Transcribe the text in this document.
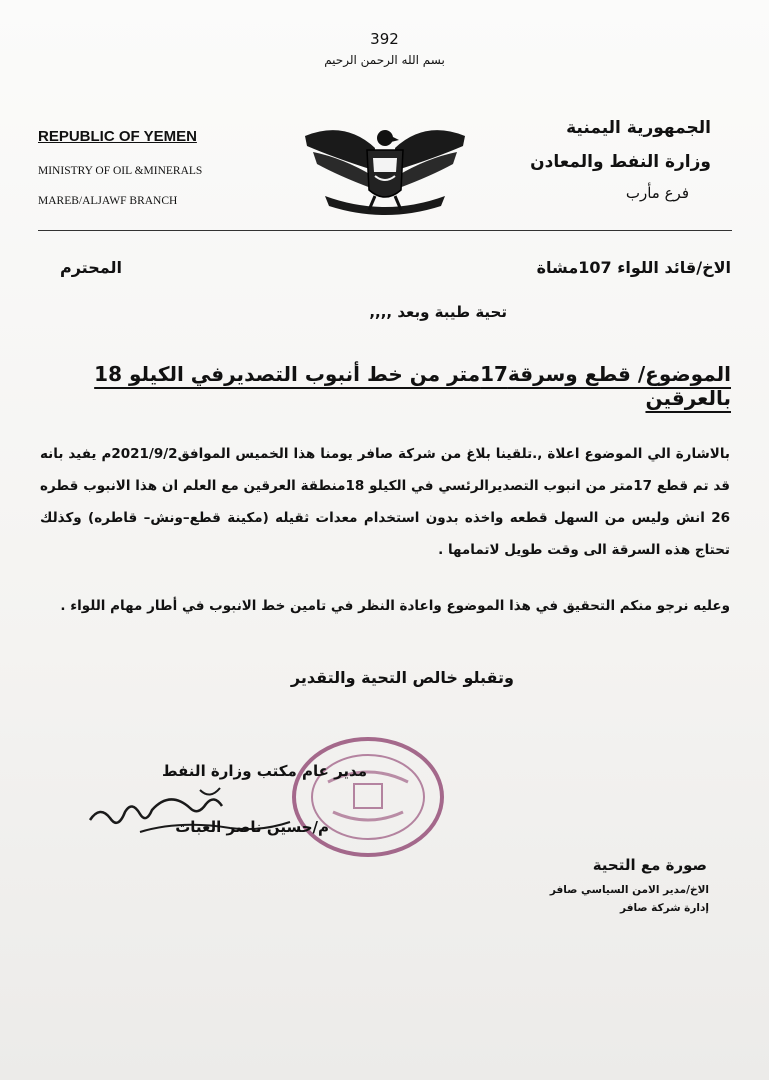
392
بسم الله الرحمن الرحيم
REPUBLIC OF YEMEN
MINISTRY OF OIL &MINERALS
MAREB/ALJAWF BRANCH
الجمهورية اليمنية
وزارة النفط والمعادن
فرع مأرب
الاخ/قائد اللواء 107مشاة
المحترم
تحية طيبة وبعد ,,,,
الموضوع/ قطع وسرقة17متر من خط أنبوب التصديرفي الكيلو 18 بالعرقين
بالاشارة الي الموضوع اعلاة ,.تلقينا بلاغ من شركة صافر يومنا هذا الخميس الموافق2021/9/2م يفيد بانه قد تم قطع 17متر من انبوب التصديرالرئسي في الكيلو 18منطقة العرقين مع العلم ان هذا الانبوب قطره 26 انش وليس من السهل قطعه واخذه بدون استخدام معدات ثقيله (مكينة قطع–ونش– قاطره) وكذلك تحتاج هذه السرقة الى وقت طويل لاتمامها .
وعليه نرجو منكم التحقيق في هذا الموضوع واعادة النظر في تامين خط الانبوب في أطار مهام اللواء .
وتقبلو خالص التحية والتقدير
مدير عام مكتب وزارة النفط
م/حسين ناصر العبات
صورة مع التحية
الاخ/مدير الامن السياسي صافر
إدارة شركة صافر
